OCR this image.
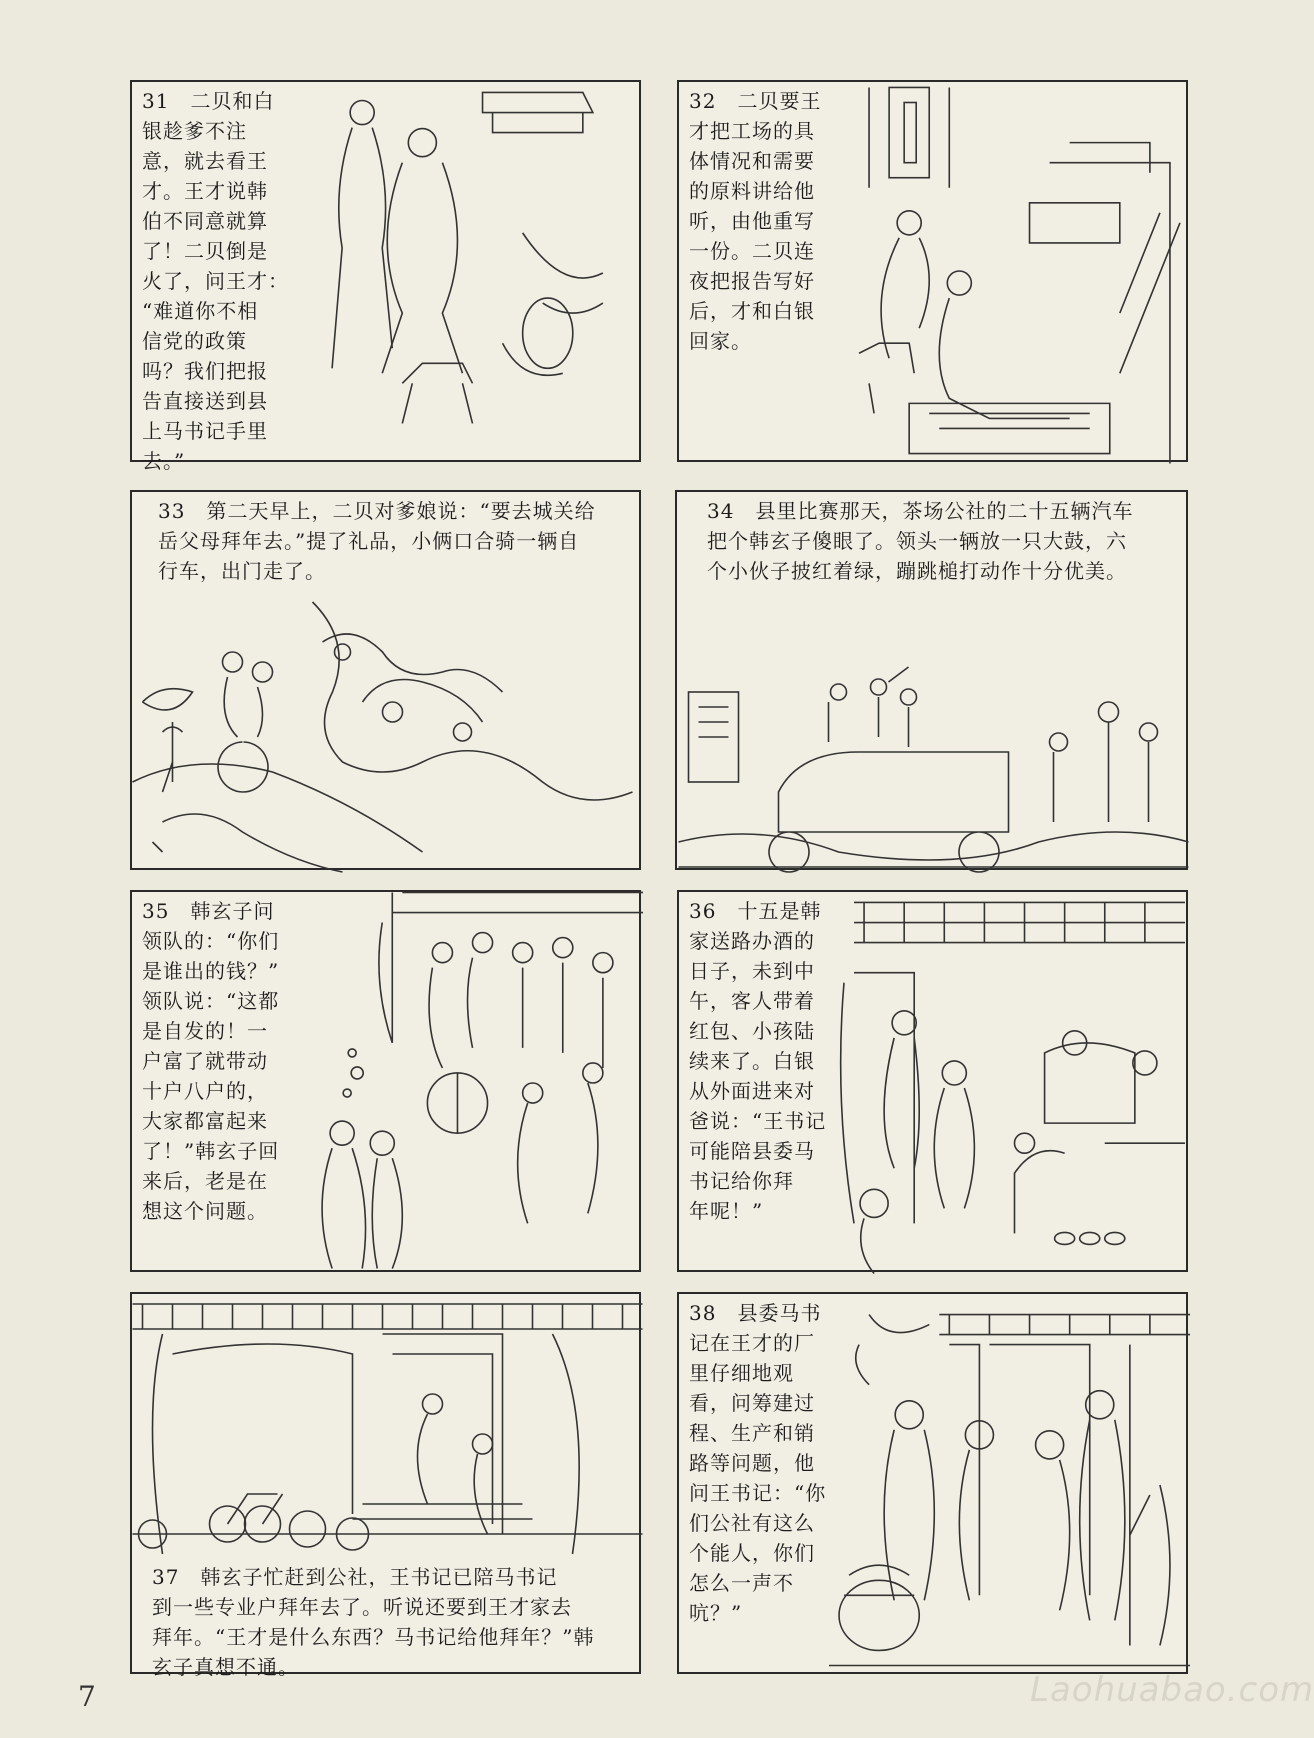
31　二贝和白
银趁爹不注
意，就去看王
才。王才说韩
伯不同意就算
了！二贝倒是
火了，问王才：
“难道你不相
信党的政策
吗？我们把报
告直接送到县
上马书记手里
去。”
32　二贝要王
才把工场的具
体情况和需要
的原料讲给他
听，由他重写
一份。二贝连
夜把报告写好
后，才和白银
回家。
33　第二天早上，二贝对爹娘说：“要去城关给
岳父母拜年去。”提了礼品，小俩口合骑一辆自
行车，出门走了。
34　县里比赛那天，茶场公社的二十五辆汽车
把个韩玄子傻眼了。领头一辆放一只大鼓，六
个小伙子披红着绿，蹦跳槌打动作十分优美。
35　韩玄子问
领队的：“你们
是谁出的钱？”
领队说：“这都
是自发的！一
户富了就带动
十户八户的，
大家都富起来
了！”韩玄子回
来后，老是在
想这个问题。
36　十五是韩
家送路办酒的
日子，未到中
午，客人带着
红包、小孩陆
续来了。白银
从外面进来对
爸说：“王书记
可能陪县委马
书记给你拜
年呢！”
37　韩玄子忙赶到公社，王书记已陪马书记
到一些专业户拜年去了。听说还要到王才家去
拜年。“王才是什么东西？马书记给他拜年？”韩
玄子真想不通。
38　县委马书
记在王才的厂
里仔细地观
看，问筹建过
程、生产和销
路等问题，他
问王书记：“你
们公社有这么
个能人，你们
怎么一声不
吭？”
7	Laohuabao.com
